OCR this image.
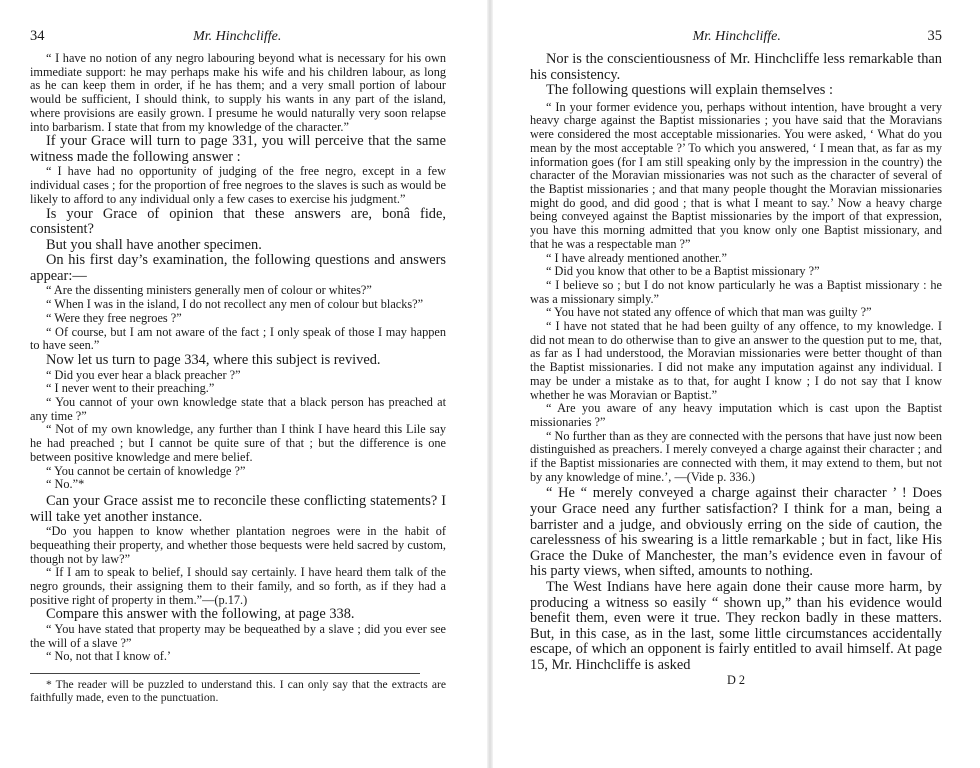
34	Mr. Hinchcliffe.

“ I have no notion of any negro labouring beyond what is necessary for his own immediate support: he may perhaps make his wife and his children labour, as long as he can keep them in order, if he has them; and a very small portion of labour would be sufficient, I should think, to supply his wants in any part of the island, where provisions are easily grown. I presume he would naturally very soon relapse into barbarism. I state that from my knowledge of the character.”

If your Grace will turn to page 331, you will perceive that the same witness made the following answer :

“ I have had no opportunity of judging of the free negro, except in a few individual cases ; for the proportion of free negroes to the slaves is such as would be likely to afford to any individual only a few cases to exercise his judgment.”

Is your Grace of opinion that these answers are, bonâ fide, consistent?

But you shall have another specimen.

On his first day’s examination, the following questions and answers appear:—

“ Are the dissenting ministers generally men of colour or whites?”

“ When I was in the island, I do not recollect any men of colour but blacks?”

“ Were they free negroes ?”

“ Of course, but I am not aware of the fact ; I only speak of those I may happen to have seen.”

Now let us turn to page 334, where this subject is revived.

“ Did you ever hear a black preacher ?”

“ I never went to their preaching.”

“ You cannot of your own knowledge state that a black person has preached at any time ?”

“ Not of my own knowledge, any further than I think I have heard this Lile say he had preached ; but I cannot be quite sure of that ; but the difference is one between positive knowledge and mere belief.

“ You cannot be certain of knowledge ?”

“ No.”*

Can your Grace assist me to reconcile these conflicting statements? I will take yet another instance.

“Do you happen to know whether plantation negroes were in the habit of bequeathing their property, and whether those bequests were held sacred by custom, though not by law?”

“ If I am to speak to belief, I should say certainly. I have heard them talk of the negro grounds, their assigning them to their family, and so forth, as if they had a positive right of property in them.”—(p.17.)

Compare this answer with the following, at page 338.

“ You have stated that property may be bequeathed by a slave ; did you ever see the will of a slave ?”

“ No, not that I know of.’

* The reader will be puzzled to understand this. I can only say that the extracts are faithfully made, even to the punctuation.

Mr. Hinchcliffe.	35

Nor is the conscientiousness of Mr. Hinchcliffe less remarkable than his consistency.

The following questions will explain themselves :

“ In your former evidence you, perhaps without intention, have brought a very heavy charge against the Baptist missionaries ; you have said that the Moravians were considered the most acceptable missionaries. You were asked, ‘ What do you mean by the most acceptable ?’ To which you answered, ‘ I mean that, as far as my information goes (for I am still speaking only by the impression in the country) the character of the Moravian missionaries was not such as the character of several of the Baptist missionaries ; and that many people thought the Moravian missionaries might do good, and did good ; that is what I meant to say.’ Now a heavy charge being conveyed against the Baptist missionaries by the import of that expression, you have this morning admitted that you know only one Baptist missionary, and that he was a respectable man ?”

“ I have already mentioned another.”

“ Did you know that other to be a Baptist missionary ?”

“ I believe so ; but I do not know particularly he was a Baptist missionary : he was a missionary simply.”

“ You have not stated any offence of which that man was guilty ?”

“ I have not stated that he had been guilty of any offence, to my knowledge. I did not mean to do otherwise than to give an answer to the question put to me, that, as far as I had understood, the Moravian missionaries were better thought of than the Baptist missionaries. I did not make any imputation against any individual. I may be under a mistake as to that, for aught I know ; I do not say that I know whether he was Moravian or Baptist.”

“ Are you aware of any heavy imputation which is cast upon the Baptist missionaries ?”

“ No further than as they are connected with the persons that have just now been distinguished as preachers. I merely conveyed a charge against their character ; and if the Baptist missionaries are connected with them, it may extend to them, but not by any knowledge of mine.’, —(Vide p. 336.)

“ He “ merely conveyed a charge against their character ’ ! Does your Grace need any further satisfaction? I think for a man, being a barrister and a judge, and obviously erring on the side of caution, the carelessness of his swearing is a little remarkable ; but in fact, like His Grace the Duke of Manchester, the man’s evidence even in favour of his party views, when sifted, amounts to nothing.

The West Indians have here again done their cause more harm, by producing a witness so easily “ shown up,” than his evidence would benefit them, even were it true. They reckon badly in these matters. But, in this case, as in the last, some little circumstances accidentally escape, of which an opponent is fairly entitled to avail himself. At page 15, Mr. Hinchcliffe is asked

D 2
